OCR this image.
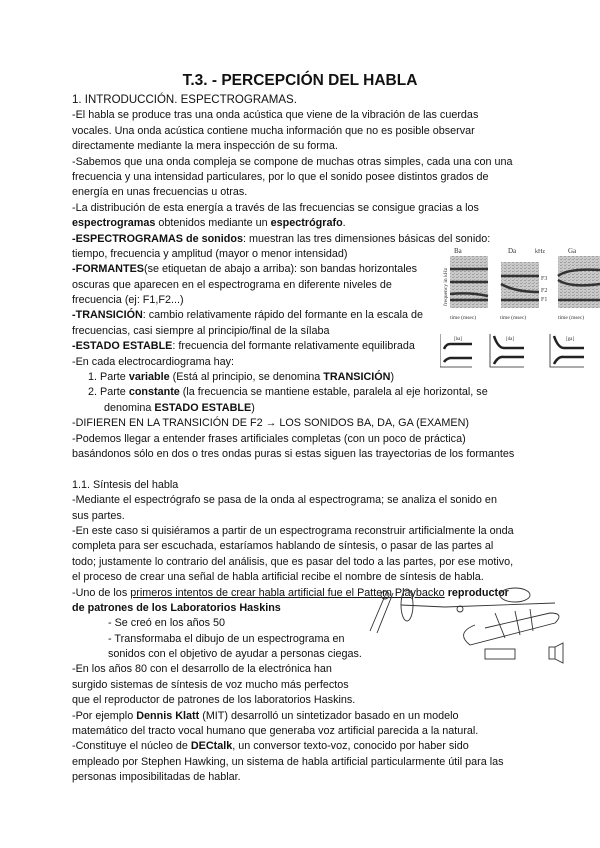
T.3. - PERCEPCIÓN DEL HABLA
1. INTRODUCCIÓN. ESPECTROGRAMAS.
-El habla se produce tras una onda acústica que viene de la vibración de las cuerdas
vocales. Una onda acústica contiene mucha información que no es posible observar
directamente mediante la mera inspección de su forma.
-Sabemos que una onda compleja se compone de muchas otras simples, cada una con una
frecuencia y una intensidad particulares, por lo que el sonido posee distintos grados de
energía en unas frecuencias u otras.
-La distribución de esta energía a través de las frecuencias se consigue gracias a los
espectrogramas obtenidos mediante un espectrógrafo.
-ESPECTROGRAMAS de sonidos: muestran las tres dimensiones básicas del sonido:
tiempo, frecuencia y amplitud (mayor o menor intensidad)
-FORMANTES(se etiquetan de abajo a arriba): son bandas horizontales
oscuras que aparecen en el espectrograma en diferente niveles de
frecuencia (ej: F1,F2...)
-TRANSICIÓN: cambio relativamente rápido del formante en la escala de
frecuencias, casi siempre al principio/final de la sílaba
-ESTADO ESTABLE: frecuencia del formante relativamente equilibrada
-En cada electrocardiograma hay:
1. Parte variable (Está al principio, se denomina TRANSICIÓN)
2. Parte constante (la frecuencia se mantiene estable, paralela al eje horizontal, se
denomina ESTADO ESTABLE)
-DIFIEREN EN LA TRANSICIÓN DE F2 → LOS SONIDOS BA, DA, GA (EXAMEN)
-Podemos llegar a entender frases artificiales completas (con un poco de práctica)
basándonos sólo en dos o tres ondas puras si estas siguen las trayectorias de los formantes
1.1. Síntesis del habla
-Mediante el espectrógrafo se pasa de la onda al espectrograma; se analiza el sonido en
sus partes.
-En este caso si quisiéramos a partir de un espectrograma reconstruir artificialmente la onda
completa para ser escuchada, estaríamos hablando de síntesis, o pasar de las partes al
todo; justamente lo contrario del análisis, que es pasar del todo a las partes, por ese motivo,
el proceso de crear una señal de habla artificial recibe el nombre de síntesis de habla.
-Uno de los primeros intentos de crear habla artificial fue el Pattern Playbacko reproductor
de patrones de los Laboratorios Haskins
- Se creó en los años 50
- Transformaba el dibujo de un espectrograma en
sonidos con el objetivo de ayudar a personas ciegas.
-En los años 80 con el desarrollo de la electrónica han
surgido sistemas de síntesis de voz mucho más perfectos
que el reproductor de patrones de los laboratorios Haskins.
-Por ejemplo Dennis Klatt (MIT) desarrolló un sintetizador basado en un modelo
matemático del tracto vocal humano que generaba voz artificial parecida a la natural.
-Constituye el núcleo de DECtalk, un conversor texto-voz, conocido por haber sido
empleado por Stephen Hawking, un sistema de habla artificial particularmente útil para las
personas imposibilitadas de hablar.
Ba	Da	Ga
kHz
frequency in kHz	F3
F2
F1
time (msec)	time (msec)	time (msec)
[ba]	[da]	[ga]
